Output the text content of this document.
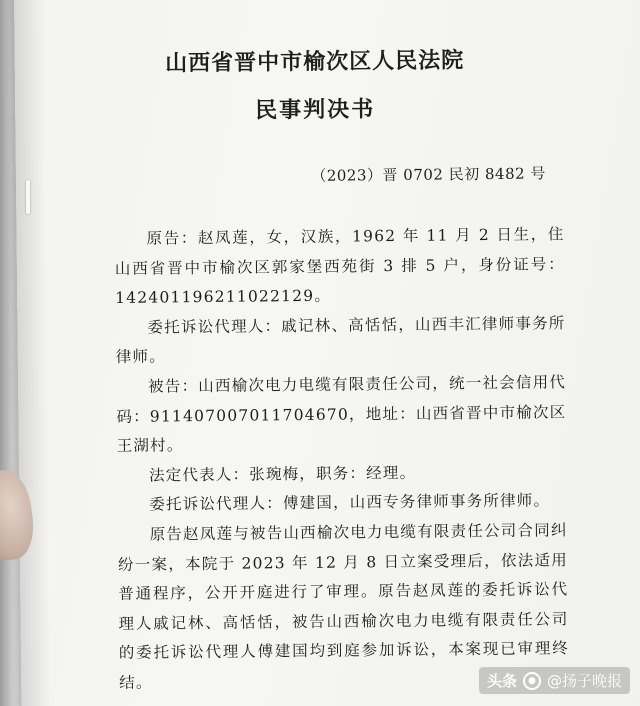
山西省晋中市榆次区人民法院
民事判决书
（2023）晋 0702 民初 8482 号

原告：赵凤莲，女，汉族，1962 年 11 月 2 日生，住山西省晋中市榆次区郭家堡西苑街 3 排 5 户，身份证号：142401196211022129。

委托诉讼代理人：戚记林、高恬恬，山西丰汇律师事务所律师。

被告：山西榆次电力电缆有限责任公司，统一社会信用代码：911407007011704670，地址：山西省晋中市榆次区王湖村。

法定代表人：张琬梅，职务：经理。

委托诉讼代理人：傅建国，山西专务律师事务所律师。

原告赵凤莲与被告山西榆次电力电缆有限责任公司合同纠纷一案，本院于 2023 年 12 月 8 日立案受理后，依法适用普通程序，公开开庭进行了审理。原告赵凤莲的委托诉讼代理人戚记林、高恬恬，被告山西榆次电力电缆有限责任公司的委托诉讼代理人傅建国均到庭参加诉讼，本案现已审理终结。	头条	● @扬子晚报
